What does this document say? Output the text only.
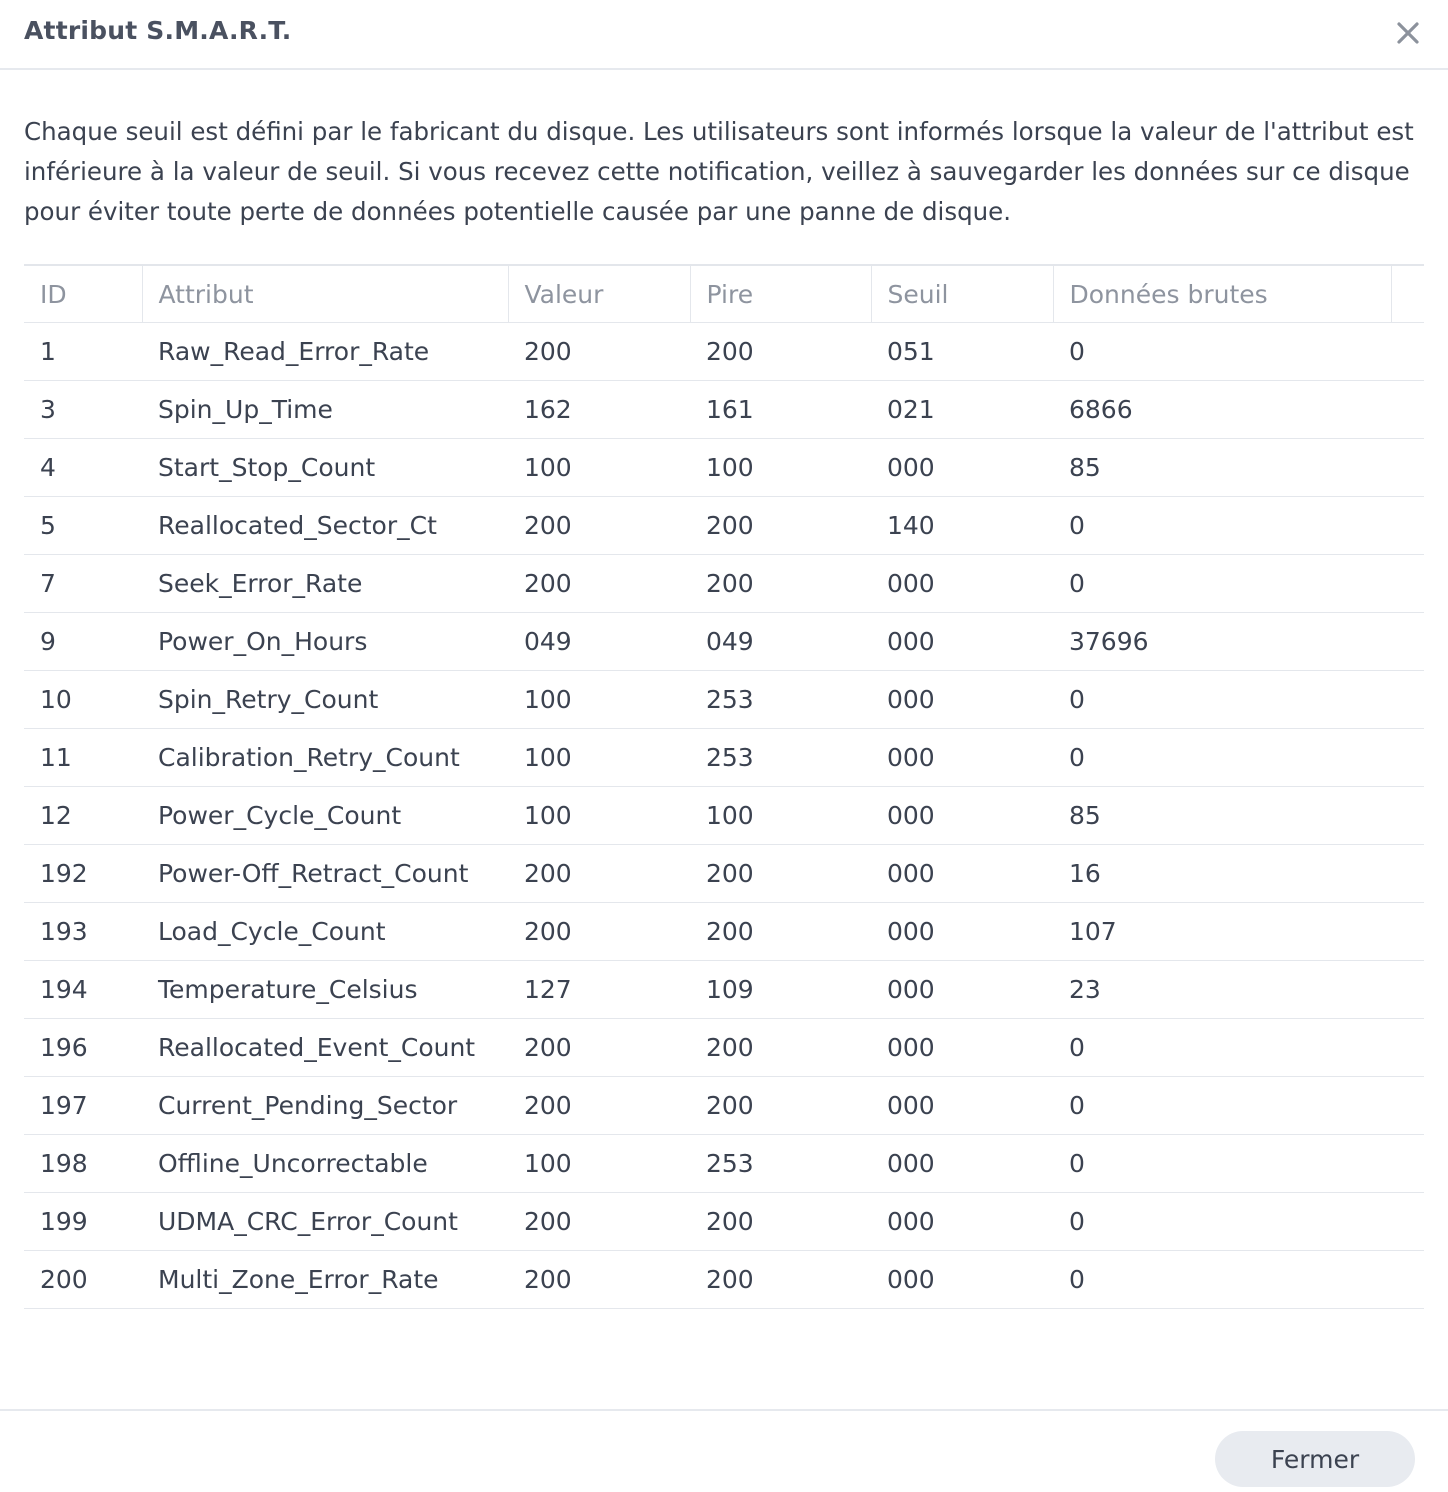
Attribut S.M.A.R.T.
Chaque seuil est défini par le fabricant du disque. Les utilisateurs sont informés lorsque la valeur de l'attribut est inférieure à la valeur de seuil. Si vous recevez cette notification, veillez à sauvegarder les données sur ce disque pour éviter toute perte de données potentielle causée par une panne de disque.
ID	Attribut	Valeur	Pire	Seuil	Données brutes	
1	Raw_Read_Error_Rate	200	200	051	0	
3	Spin_Up_Time	162	161	021	6866	
4	Start_Stop_Count	100	100	000	85	
5	Reallocated_Sector_Ct	200	200	140	0	
7	Seek_Error_Rate	200	200	000	0	
9	Power_On_Hours	049	049	000	37696	
10	Spin_Retry_Count	100	253	000	0	
11	Calibration_Retry_Count	100	253	000	0	
12	Power_Cycle_Count	100	100	000	85	
192	Power-Off_Retract_Count	200	200	000	16	
193	Load_Cycle_Count	200	200	000	107	
194	Temperature_Celsius	127	109	000	23	
196	Reallocated_Event_Count	200	200	000	0	
197	Current_Pending_Sector	200	200	000	0	
198	Offline_Uncorrectable	100	253	000	0	
199	UDMA_CRC_Error_Count	200	200	000	0	
200	Multi_Zone_Error_Rate	200	200	000	0	
Fermer
